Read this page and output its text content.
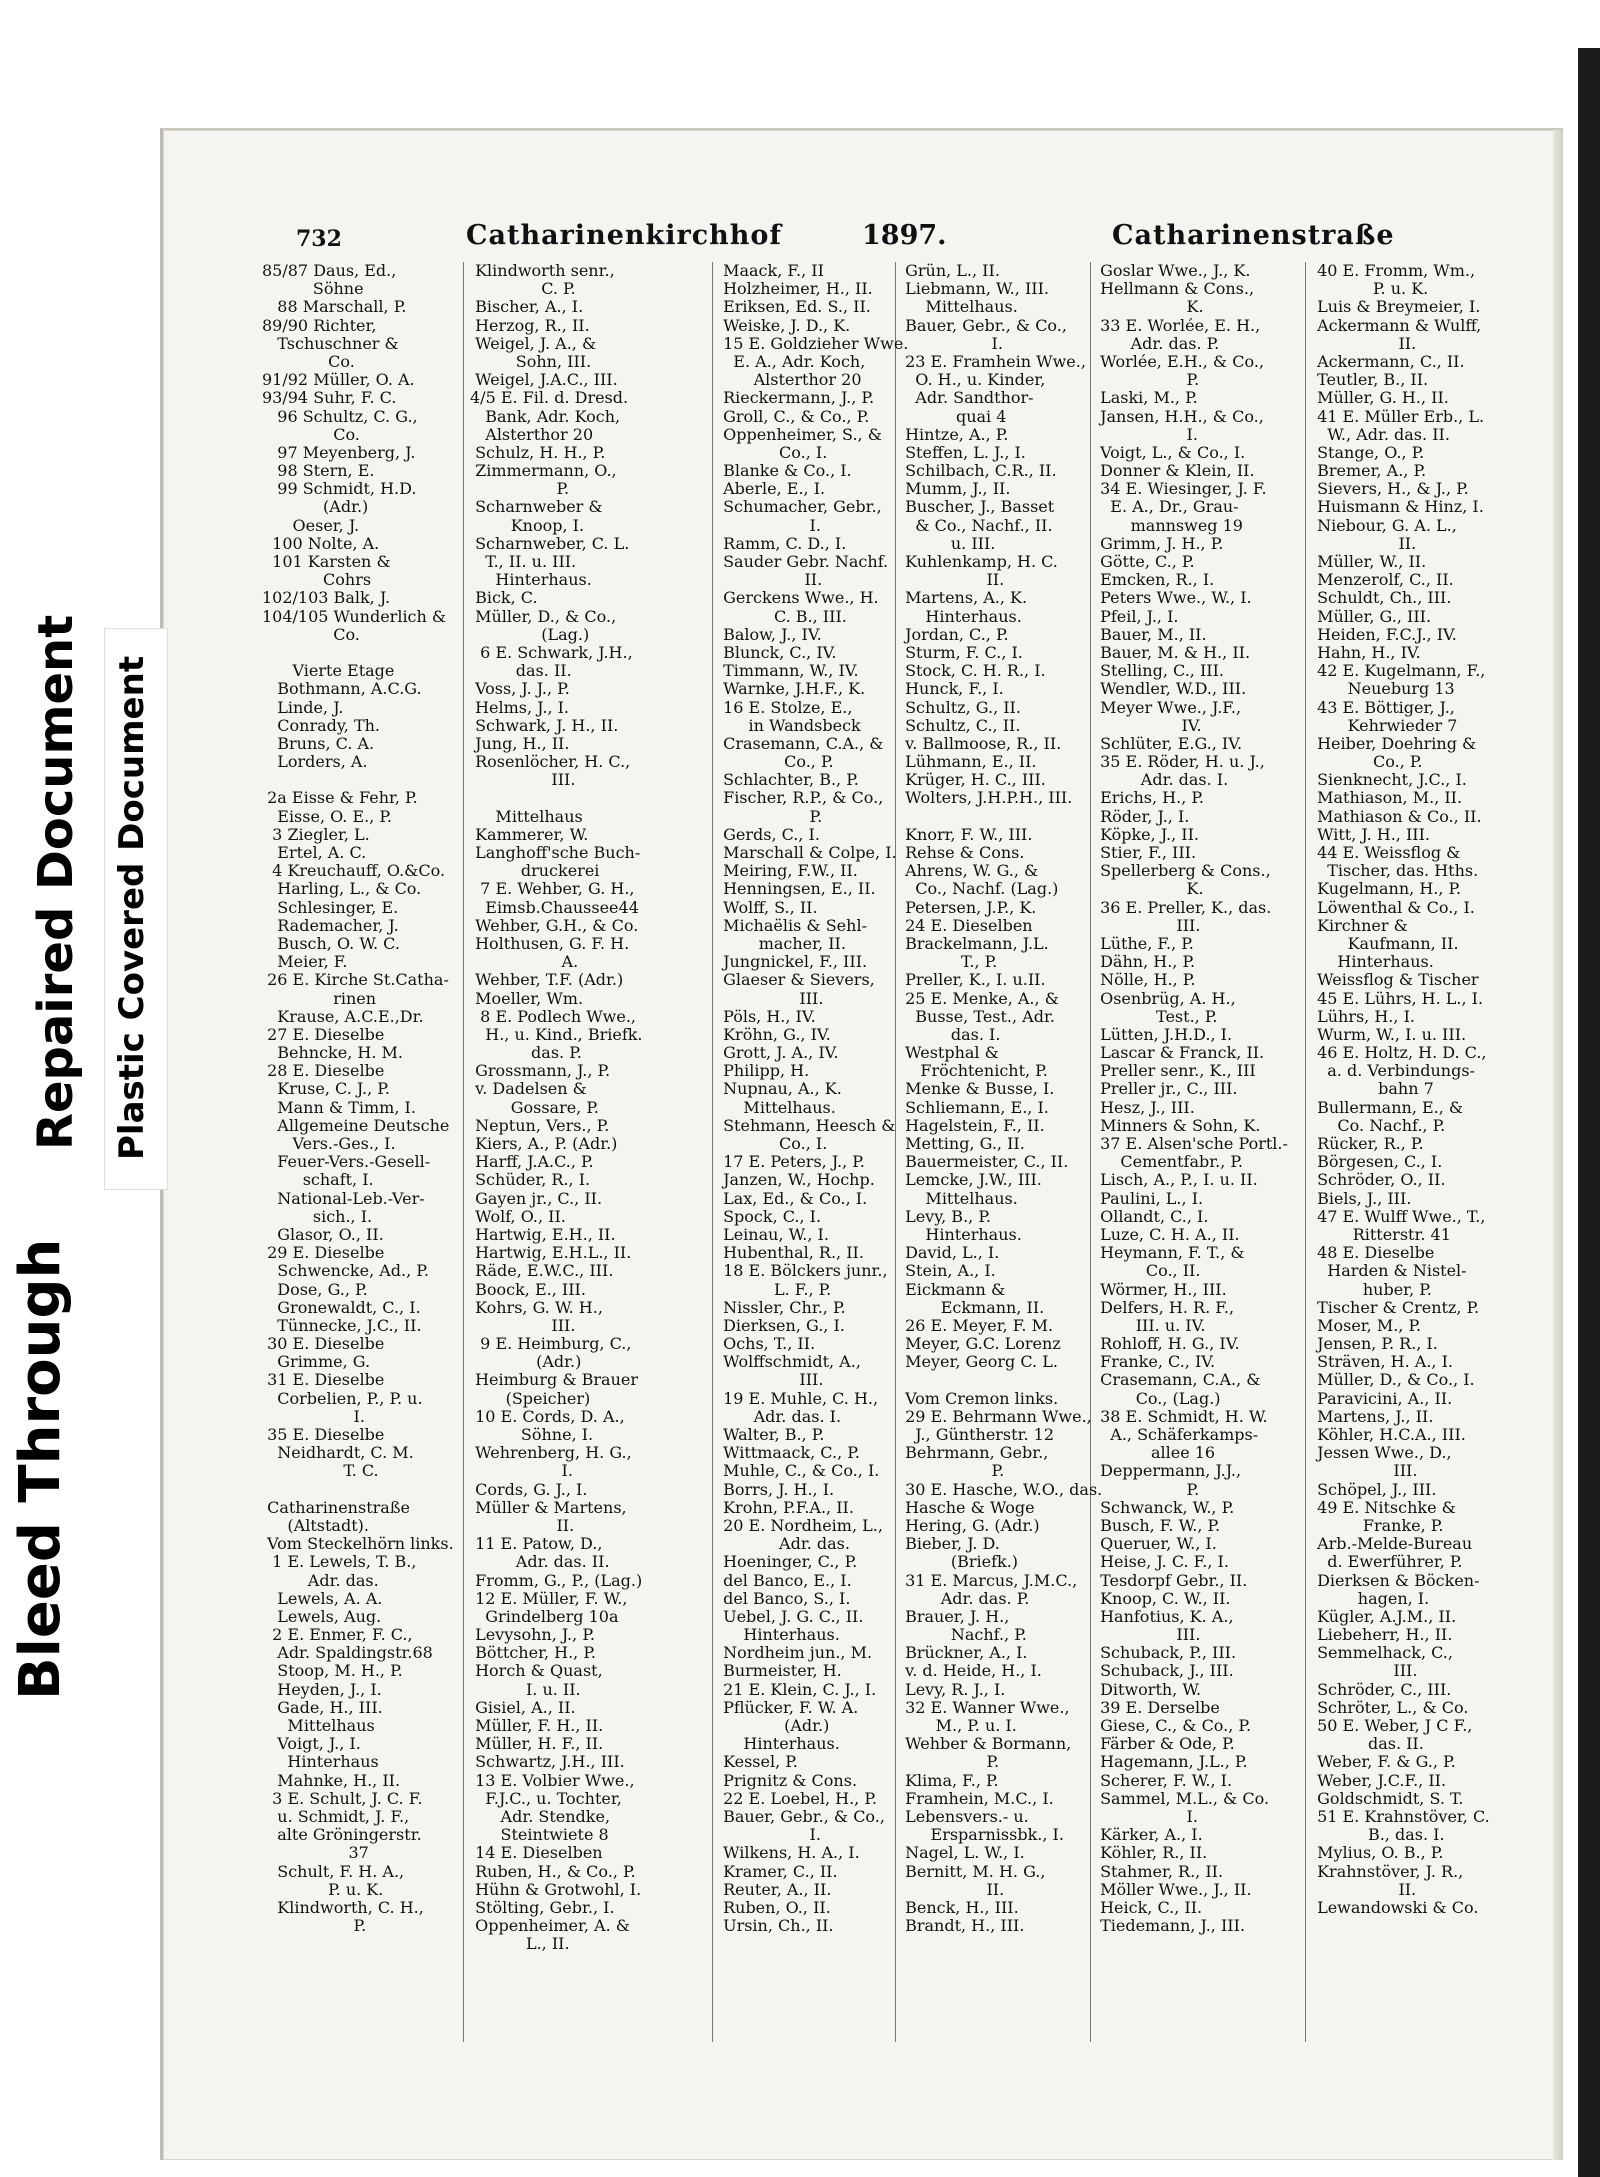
Bleed Through
Repaired Document Plastic Covered Document
732	Catharinenkirchhof	1897.	Catharinenstraße
85/87 Daus, Ed.,
Söhne
88 Marschall, P.
89/90 Richter,
Tschuschner &
Co.
91/92 Müller, O. A.
93/94 Suhr, F. C.
96 Schultz, C. G.,
Co.
97 Meyenberg, J.
98 Stern, E.
99 Schmidt, H.D.
(Adr.)
Oeser, J.
100 Nolte, A.
101 Karsten &
Cohrs
102/103 Balk, J.
104/105 Wunderlich &
Co.
Vierte Etage
Bothmann, A.C.G.
Linde, J.
Conrady, Th.
Bruns, C. A.
Lorders, A.
2a Eisse & Fehr, P.
Eisse, O. E., P.
3 Ziegler, L.
Ertel, A. C.
4 Kreuchauff, O.&Co.
Harling, L., & Co.
Schlesinger, E.
Rademacher, J.
Busch, O. W. C.
Meier, F.
26 E. Kirche St.Catha-
rinen
Krause, A.C.E.,Dr.
27 E. Dieselbe
Behncke, H. M.
28 E. Dieselbe
Kruse, C. J., P.
Mann & Timm, I.
Allgemeine Deutsche
Vers.-Ges., I.
Feuer-Vers.-Gesell-
schaft, I.
National-Leb.-Ver-
sich., I.
Glasor, O., II.
29 E. Dieselbe
Schwencke, Ad., P.
Dose, G., P.
Gronewaldt, C., I.
Tünnecke, J.C., II.
30 E. Dieselbe
Grimme, G.
31 E. Dieselbe
Corbelien, P., P. u.
I.
35 E. Dieselbe
Neidhardt, C. M.
T. C.
Catharinenstraße
(Altstadt).
Vom Steckelhörn links.
1 E. Lewels, T. B.,
Adr. das.
Lewels, A. A.
Lewels, Aug.
2 E. Enmer, F. C.,
Adr. Spaldingstr.68
Stoop, M. H., P.
Heyden, J., I.
Gade, H., III.
Mittelhaus
Voigt, J., I.
Hinterhaus
Mahnke, H., II.
3 E. Schult, J. C. F.
u. Schmidt, J. F.,
alte Gröningerstr.
37
Schult, F. H. A.,
P. u. K.
Klindworth, C. H.,
P.
Klindworth senr.,
C. P.
Bischer, A., I.
Herzog, R., II.
Weigel, J. A., &
Sohn, III.
Weigel, J.A.C., III.
4/5 E. Fil. d. Dresd.
Bank, Adr. Koch,
Alsterthor 20
Schulz, H. H., P.
Zimmermann, O.,
P.
Scharnweber &
Knoop, I.
Scharnweber, C. L.
T., II. u. III.
Hinterhaus.
Bick, C.
Müller, D., & Co.,
(Lag.)
6 E. Schwark, J.H.,
das. II.
Voss, J. J., P.
Helms, J., I.
Schwark, J. H., II.
Jung, H., II.
Rosenlöcher, H. C.,
III.
Mittelhaus
Kammerer, W.
Langhoff'sche Buch-
druckerei
7 E. Wehber, G. H.,
Eimsb.Chaussee44
Wehber, G.H., & Co.
Holthusen, G. F. H.
A.
Wehber, T.F. (Adr.)
Moeller, Wm.
8 E. Podlech Wwe.,
H., u. Kind., Briefk.
das. P.
Grossmann, J., P.
v. Dadelsen &
Gossare, P.
Neptun, Vers., P.
Kiers, A., P. (Adr.)
Harff, J.A.C., P.
Schüder, R., I.
Gayen jr., C., II.
Wolf, O., II.
Hartwig, E.H., II.
Hartwig, E.H.L., II.
Räde, E.W.C., III.
Boock, E., III.
Kohrs, G. W. H.,
III.
9 E. Heimburg, C.,
(Adr.)
Heimburg & Brauer
(Speicher)
10 E. Cords, D. A.,
Söhne, I.
Wehrenberg, H. G.,
I.
Cords, G. J., I.
Müller & Martens,
II.
11 E. Patow, D.,
Adr. das. II.
Fromm, G., P., (Lag.)
12 E. Müller, F. W.,
Grindelberg 10a
Levysohn, J., P.
Böttcher, H., P.
Horch & Quast,
I. u. II.
Gisiel, A., II.
Müller, F. H., II.
Müller, H. F., II.
Schwartz, J.H., III.
13 E. Volbier Wwe.,
F.J.C., u. Tochter,
Adr. Stendke,
Steintwiete 8
14 E. Dieselben
Ruben, H., & Co., P.
Hühn & Grotwohl, I.
Stölting, Gebr., I.
Oppenheimer, A. &
L., II.
Maack, F., II
Holzheimer, H., II.
Eriksen, Ed. S., II.
Weiske, J. D., K.
15 E. Goldzieher Wwe.
E. A., Adr. Koch,
Alsterthor 20
Rieckermann, J., P.
Groll, C., & Co., P.
Oppenheimer, S., &
Co., I.
Blanke & Co., I.
Aberle, E., I.
Schumacher, Gebr.,
I.
Ramm, C. D., I.
Sauder Gebr. Nachf.
II.
Gerckens Wwe., H.
C. B., III.
Balow, J., IV.
Blunck, C., IV.
Timmann, W., IV.
Warnke, J.H.F., K.
16 E. Stolze, E.,
in Wandsbeck
Crasemann, C.A., &
Co., P.
Schlachter, B., P.
Fischer, R.P., & Co.,
P.
Gerds, C., I.
Marschall & Colpe, I.
Meiring, F.W., II.
Henningsen, E., II.
Wolff, S., II.
Michaëlis & Sehl-
macher, II.
Jungnickel, F., III.
Glaeser & Sievers,
III.
Pöls, H., IV.
Kröhn, G., IV.
Grott, J. A., IV.
Philipp, H.
Nupnau, A., K.
Mittelhaus.
Stehmann, Heesch &
Co., I.
17 E. Peters, J., P.
Janzen, W., Hochp.
Lax, Ed., & Co., I.
Spock, C., I.
Leinau, W., I.
Hubenthal, R., II.
18 E. Bölckers junr.,
L. F., P.
Nissler, Chr., P.
Dierksen, G., I.
Ochs, T., II.
Wolffschmidt, A.,
III.
19 E. Muhle, C. H.,
Adr. das. I.
Walter, B., P.
Wittmaack, C., P.
Muhle, C., & Co., I.
Borrs, J. H., I.
Krohn, P.F.A., II.
20 E. Nordheim, L.,
Adr. das.
Hoeninger, C., P.
del Banco, E., I.
del Banco, S., I.
Uebel, J. G. C., II.
Hinterhaus.
Nordheim jun., M.
Burmeister, H.
21 E. Klein, C. J., I.
Pflücker, F. W. A.
(Adr.)
Hinterhaus.
Kessel, P.
Prignitz & Cons.
22 E. Loebel, H., P.
Bauer, Gebr., & Co.,
I.
Wilkens, H. A., I.
Kramer, C., II.
Reuter, A., II.
Ruben, O., II.
Ursin, Ch., II.
Grün, L., II.
Liebmann, W., III.
Mittelhaus.
Bauer, Gebr., & Co.,
I.
23 E. Framhein Wwe.,
O. H., u. Kinder,
Adr. Sandthor-
quai 4
Hintze, A., P.
Steffen, L. J., I.
Schilbach, C.R., II.
Mumm, J., II.
Buscher, J., Basset
& Co., Nachf., II.
u. III.
Kuhlenkamp, H. C.
II.
Martens, A., K.
Hinterhaus.
Jordan, C., P.
Sturm, F. C., I.
Stock, C. H. R., I.
Hunck, F., I.
Schultz, G., II.
Schultz, C., II.
v. Ballmoose, R., II.
Lühmann, E., II.
Krüger, H. C., III.
Wolters, J.H.P.H., III.
Knorr, F. W., III.
Rehse & Cons.
Ahrens, W. G., &
Co., Nachf. (Lag.)
Petersen, J.P., K.
24 E. Dieselben
Brackelmann, J.L.
T., P.
Preller, K., I. u.II.
25 E. Menke, A., &
Busse, Test., Adr.
das. I.
Westphal &
Fröchtenicht, P.
Menke & Busse, I.
Schliemann, E., I.
Hagelstein, F., II.
Metting, G., II.
Bauermeister, C., II.
Lemcke, J.W., III.
Mittelhaus.
Levy, B., P.
Hinterhaus.
David, L., I.
Stein, A., I.
Eickmann &
Eckmann, II.
26 E. Meyer, F. M.
Meyer, G.C. Lorenz
Meyer, Georg C. L.
Vom Cremon links.
29 E. Behrmann Wwe.,
J., Güntherstr. 12
Behrmann, Gebr.,
P.
30 E. Hasche, W.O., das.
Hasche & Woge
Hering, G. (Adr.)
Bieber, J. D.
(Briefk.)
31 E. Marcus, J.M.C.,
Adr. das. P.
Brauer, J. H.,
Nachf., P.
Brückner, A., I.
v. d. Heide, H., I.
Levy, R. J., I.
32 E. Wanner Wwe.,
M., P. u. I.
Wehber & Bormann,
P.
Klima, F., P.
Framhein, M.C., I.
Lebensvers.- u.
Ersparnissbk., I.
Nagel, L. W., I.
Bernitt, M. H. G.,
II.
Benck, H., III.
Brandt, H., III.
Goslar Wwe., J., K.
Hellmann & Cons.,
K.
33 E. Worlée, E. H.,
Adr. das. P.
Worlée, E.H., & Co.,
P.
Laski, M., P.
Jansen, H.H., & Co.,
I.
Voigt, L., & Co., I.
Donner & Klein, II.
34 E. Wiesinger, J. F.
E. A., Dr., Grau-
mannsweg 19
Grimm, J. H., P.
Götte, C., P.
Emcken, R., I.
Peters Wwe., W., I.
Pfeil, J., I.
Bauer, M., II.
Bauer, M. & H., II.
Stelling, C., III.
Wendler, W.D., III.
Meyer Wwe., J.F.,
IV.
Schlüter, E.G., IV.
35 E. Röder, H. u. J.,
Adr. das. I.
Erichs, H., P.
Röder, J., I.
Köpke, J., II.
Stier, F., III.
Spellerberg & Cons.,
K.
36 E. Preller, K., das.
III.
Lüthe, F., P.
Dähn, H., P.
Nölle, H., P.
Osenbrüg, A. H.,
Test., P.
Lütten, J.H.D., I.
Lascar & Franck, II.
Preller senr., K., III
Preller jr., C., III.
Hesz, J., III.
Minners & Sohn, K.
37 E. Alsen'sche Portl.-
Cementfabr., P.
Lisch, A., P., I. u. II.
Paulini, L., I.
Ollandt, C., I.
Luze, C. H. A., II.
Heymann, F. T., &
Co., II.
Wörmer, H., III.
Delfers, H. R. F.,
III. u. IV.
Rohloff, H. G., IV.
Franke, C., IV.
Crasemann, C.A., &
Co., (Lag.)
38 E. Schmidt, H. W.
A., Schäferkamps-
allee 16
Deppermann, J.J.,
P.
Schwanck, W., P.
Busch, F. W., P.
Queruer, W., I.
Heise, J. C. F., I.
Tesdorpf Gebr., II.
Knoop, C. W., II.
Hanfotius, K. A.,
III.
Schuback, P., III.
Schuback, J., III.
Ditworth, W.
39 E. Derselbe
Giese, C., & Co., P.
Färber & Ode, P.
Hagemann, J.L., P.
Scherer, F. W., I.
Sammel, M.L., & Co.
I.
Kärker, A., I.
Köhler, R., II.
Stahmer, R., II.
Möller Wwe., J., II.
Heick, C., II.
Tiedemann, J., III.
40 E. Fromm, Wm.,
P. u. K.
Luis & Breymeier, I.
Ackermann & Wulff,
II.
Ackermann, C., II.
Teutler, B., II.
Müller, G. H., II.
41 E. Müller Erb., L.
W., Adr. das. II.
Stange, O., P.
Bremer, A., P.
Sievers, H., & J., P.
Huismann & Hinz, I.
Niebour, G. A. L.,
II.
Müller, W., II.
Menzerolf, C., II.
Schuldt, Ch., III.
Müller, G., III.
Heiden, F.C.J., IV.
Hahn, H., IV.
42 E. Kugelmann, F.,
Neueburg 13
43 E. Böttiger, J.,
Kehrwieder 7
Heiber, Doehring &
Co., P.
Sienknecht, J.C., I.
Mathiason, M., II.
Mathiason & Co., II.
Witt, J. H., III.
44 E. Weissflog &
Tischer, das. Hths.
Kugelmann, H., P.
Löwenthal & Co., I.
Kirchner &
Kaufmann, II.
Hinterhaus.
Weissflog & Tischer
45 E. Lührs, H. L., I.
Lührs, H., I.
Wurm, W., I. u. III.
46 E. Holtz, H. D. C.,
a. d. Verbindungs-
bahn 7
Bullermann, E., &
Co. Nachf., P.
Rücker, R., P.
Börgesen, C., I.
Schröder, O., II.
Biels, J., III.
47 E. Wulff Wwe., T.,
Ritterstr. 41
48 E. Dieselbe
Harden & Nistel-
huber, P.
Tischer & Crentz, P.
Moser, M., P.
Jensen, P. R., I.
Sträven, H. A., I.
Müller, D., & Co., I.
Paravicini, A., II.
Martens, J., II.
Köhler, H.C.A., III.
Jessen Wwe., D.,
III.
Schöpel, J., III.
49 E. Nitschke &
Franke, P.
Arb.-Melde-Bureau
d. Ewerführer, P.
Dierksen & Böcken-
hagen, I.
Kügler, A.J.M., II.
Liebeherr, H., II.
Semmelhack, C.,
III.
Schröder, C., III.
Schröter, L., & Co.
50 E. Weber, J C F.,
das. II.
Weber, F. & G., P.
Weber, J.C.F., II.
Goldschmidt, S. T.
51 E. Krahnstöver, C.
B., das. I.
Mylius, O. B., P.
Krahnstöver, J. R.,
II.
Lewandowski & Co.
